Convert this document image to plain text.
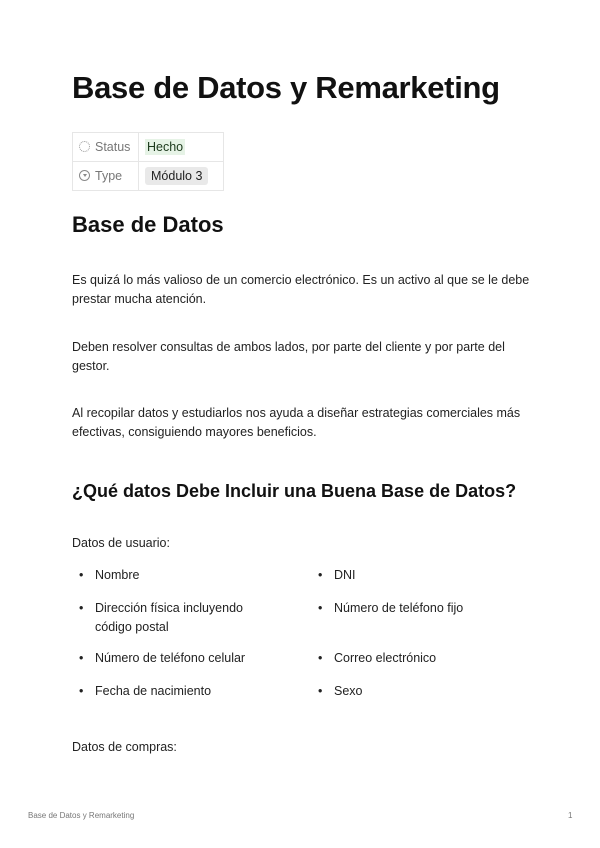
Base de Datos y Remarketing
Status	Hecho
Type	Módulo 3
Base de Datos

Es quizá lo más valioso de un comercio electrónico. Es un activo al que se le debe prestar mucha atención.

Deben resolver consultas de ambos lados, por parte del cliente y por parte del gestor.

Al recopilar datos y estudiarlos nos ayuda a diseñar estrategias comerciales más efectivas, consiguiendo mayores beneficios.

¿Qué datos Debe Incluir una Buena Base de Datos?

Datos de usuario:

• Nombre	• DNI
• Dirección física incluyendo código postal
• Número de teléfono fijo
• Número de teléfono celular	• Correo electrónico
• Fecha de nacimiento	• Sexo

Datos de compras:

Base de Datos y Remarketing	1
